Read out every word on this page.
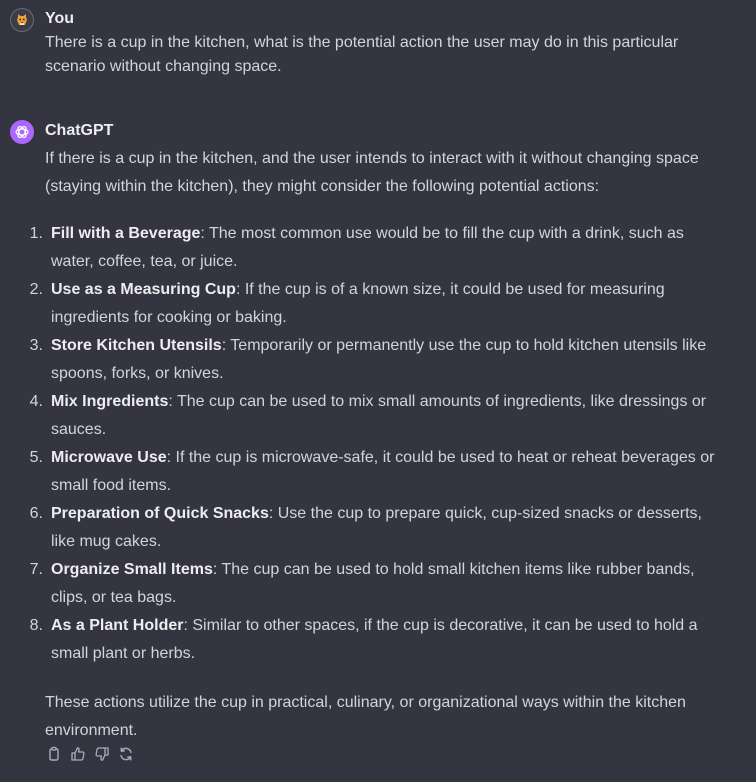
You
There is a cup in the kitchen, what is the potential action the user may do in this particular scenario without changing space.
ChatGPT
If there is a cup in the kitchen, and the user intends to interact with it without changing space (staying within the kitchen), they might consider the following potential actions:
1. Fill with a Beverage: The most common use would be to fill the cup with a drink, such as water, coffee, tea, or juice.
2. Use as a Measuring Cup: If the cup is of a known size, it could be used for measuring ingredients for cooking or baking.
3. Store Kitchen Utensils: Temporarily or permanently use the cup to hold kitchen utensils like spoons, forks, or knives.
4. Mix Ingredients: The cup can be used to mix small amounts of ingredients, like dressings or sauces.
5. Microwave Use: If the cup is microwave-safe, it could be used to heat or reheat beverages or small food items.
6. Preparation of Quick Snacks: Use the cup to prepare quick, cup-sized snacks or desserts, like mug cakes.
7. Organize Small Items: The cup can be used to hold small kitchen items like rubber bands, clips, or tea bags.
8. As a Plant Holder: Similar to other spaces, if the cup is decorative, it can be used to hold a small plant or herbs.
These actions utilize the cup in practical, culinary, or organizational ways within the kitchen environment.
